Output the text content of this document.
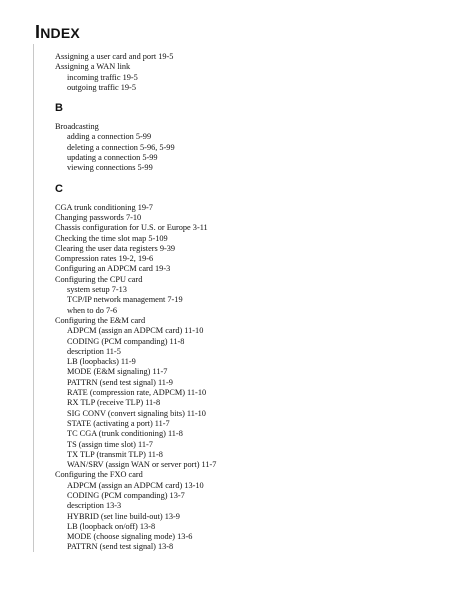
INDEX
Assigning a user card and port 19-5
Assigning a WAN link
incoming traffic 19-5
outgoing traffic 19-5
B
Broadcasting
adding a connection 5-99
deleting a connection 5-96, 5-99
updating a connection 5-99
viewing connections 5-99
C
CGA trunk conditioning 19-7
Changing passwords 7-10
Chassis configuration for U.S. or Europe 3-11
Checking the time slot map 5-109
Clearing the user data registers 9-39
Compression rates 19-2, 19-6
Configuring an ADPCM card 19-3
Configuring the CPU card
system setup 7-13
TCP/IP network management 7-19
when to do 7-6
Configuring the E&M card
ADPCM (assign an ADPCM card) 11-10
CODING (PCM companding) 11-8
description 11-5
LB (loopbacks) 11-9
MODE (E&M signaling) 11-7
PATTRN (send test signal) 11-9
RATE (compression rate, ADPCM) 11-10
RX TLP (receive TLP) 11-8
SIG CONV (convert signaling bits) 11-10
STATE (activating a port) 11-7
TC CGA (trunk conditioning) 11-8
TS (assign time slot) 11-7
TX TLP (transmit TLP) 11-8
WAN/SRV (assign WAN or server port) 11-7
Configuring the FXO card
ADPCM (assign an ADPCM card) 13-10
CODING (PCM companding) 13-7
description 13-3
HYBRID (set line build-out) 13-9
LB (loopback on/off) 13-8
MODE (choose signaling mode) 13-6
PATTRN (send test signal) 13-8
